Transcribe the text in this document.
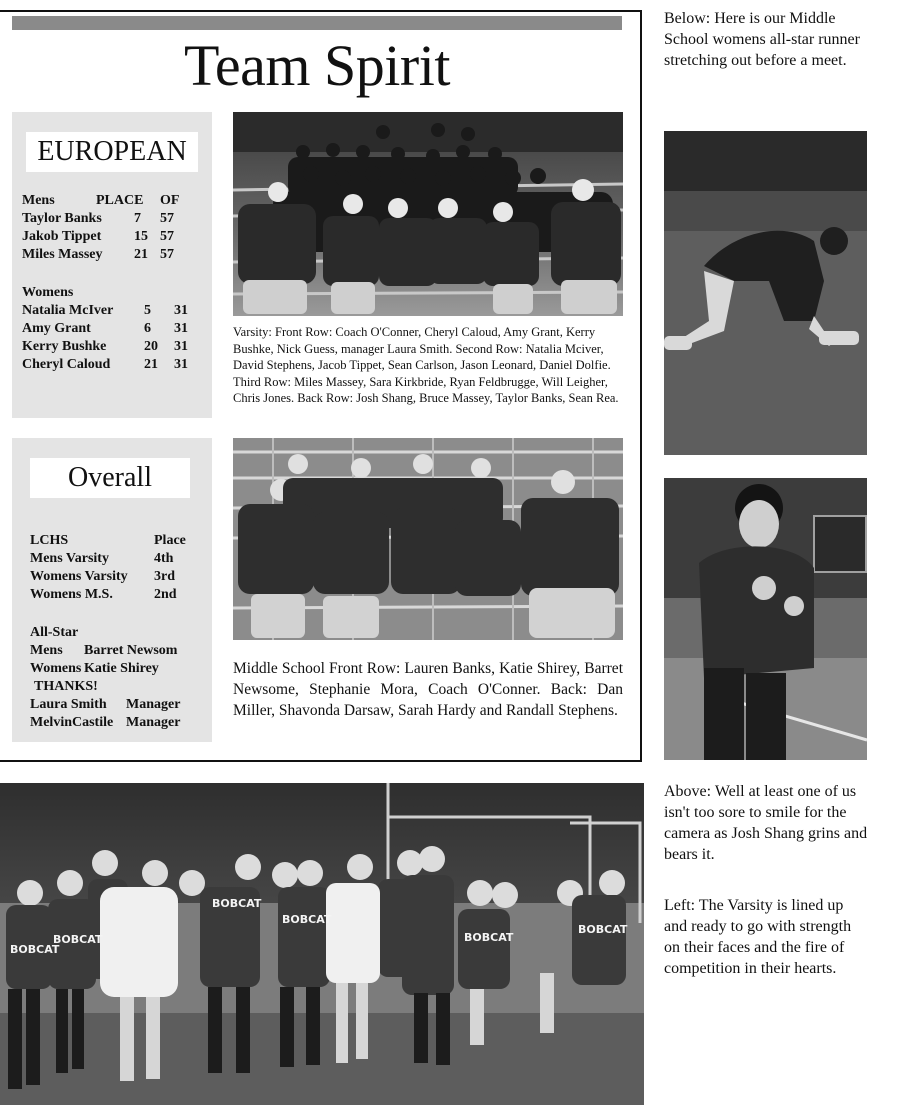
Team Spirit
EUROPEAN
Mens	PLACE	OF
Taylor Banks	7	57
Jakob Tippet	15	57
Miles Massey	21	57
Womens
Natalia McIver	5	31
Amy Grant	6	31
Kerry Bushke	20	31
Cheryl Caloud	21	31
Overall
LCHS	Place
Mens Varsity	4th
Womens Varsity	3rd
Womens M.S.	2nd
All-Star
Mens	Barret Newsom
Womens	Katie Shirey
THANKS!
Laura Smith	Manager
MelvinCastile	Manager
Varsity: Front Row: Coach O'Conner, Cheryl Caloud, Amy Grant, Kerry Bushke, Nick Guess, manager Laura Smith. Second Row: Natalia Mciver, David Stephens, Jacob Tippet, Sean Carlson, Jason Leonard, Daniel Dolfie. Third Row: Miles Massey, Sara Kirkbride, Ryan Feldbrugge, Will Leigher, Chris Jones. Back Row: Josh Shang, Bruce Massey, Taylor Banks, Sean Rea.
Middle School Front Row: Lauren Banks, Katie Shirey, Barret Newsome, Stephanie Mora, Coach O'Conner. Back: Dan Miller, Shavonda Darsaw, Sarah Hardy and Randall Stephens.
Below: Here is our Middle School womens all-star runner stretching out before a meet.
Above: Well at least one of us isn't too sore to smile for the camera as Josh Shang grins and bears it.
Left: The Varsity is lined up and ready to go with strength on their faces and the fire of competition in their hearts.
BOBCAT
BOBCAT
BOBCAT
BOBCAT
BOBCAT
BOBCAT
